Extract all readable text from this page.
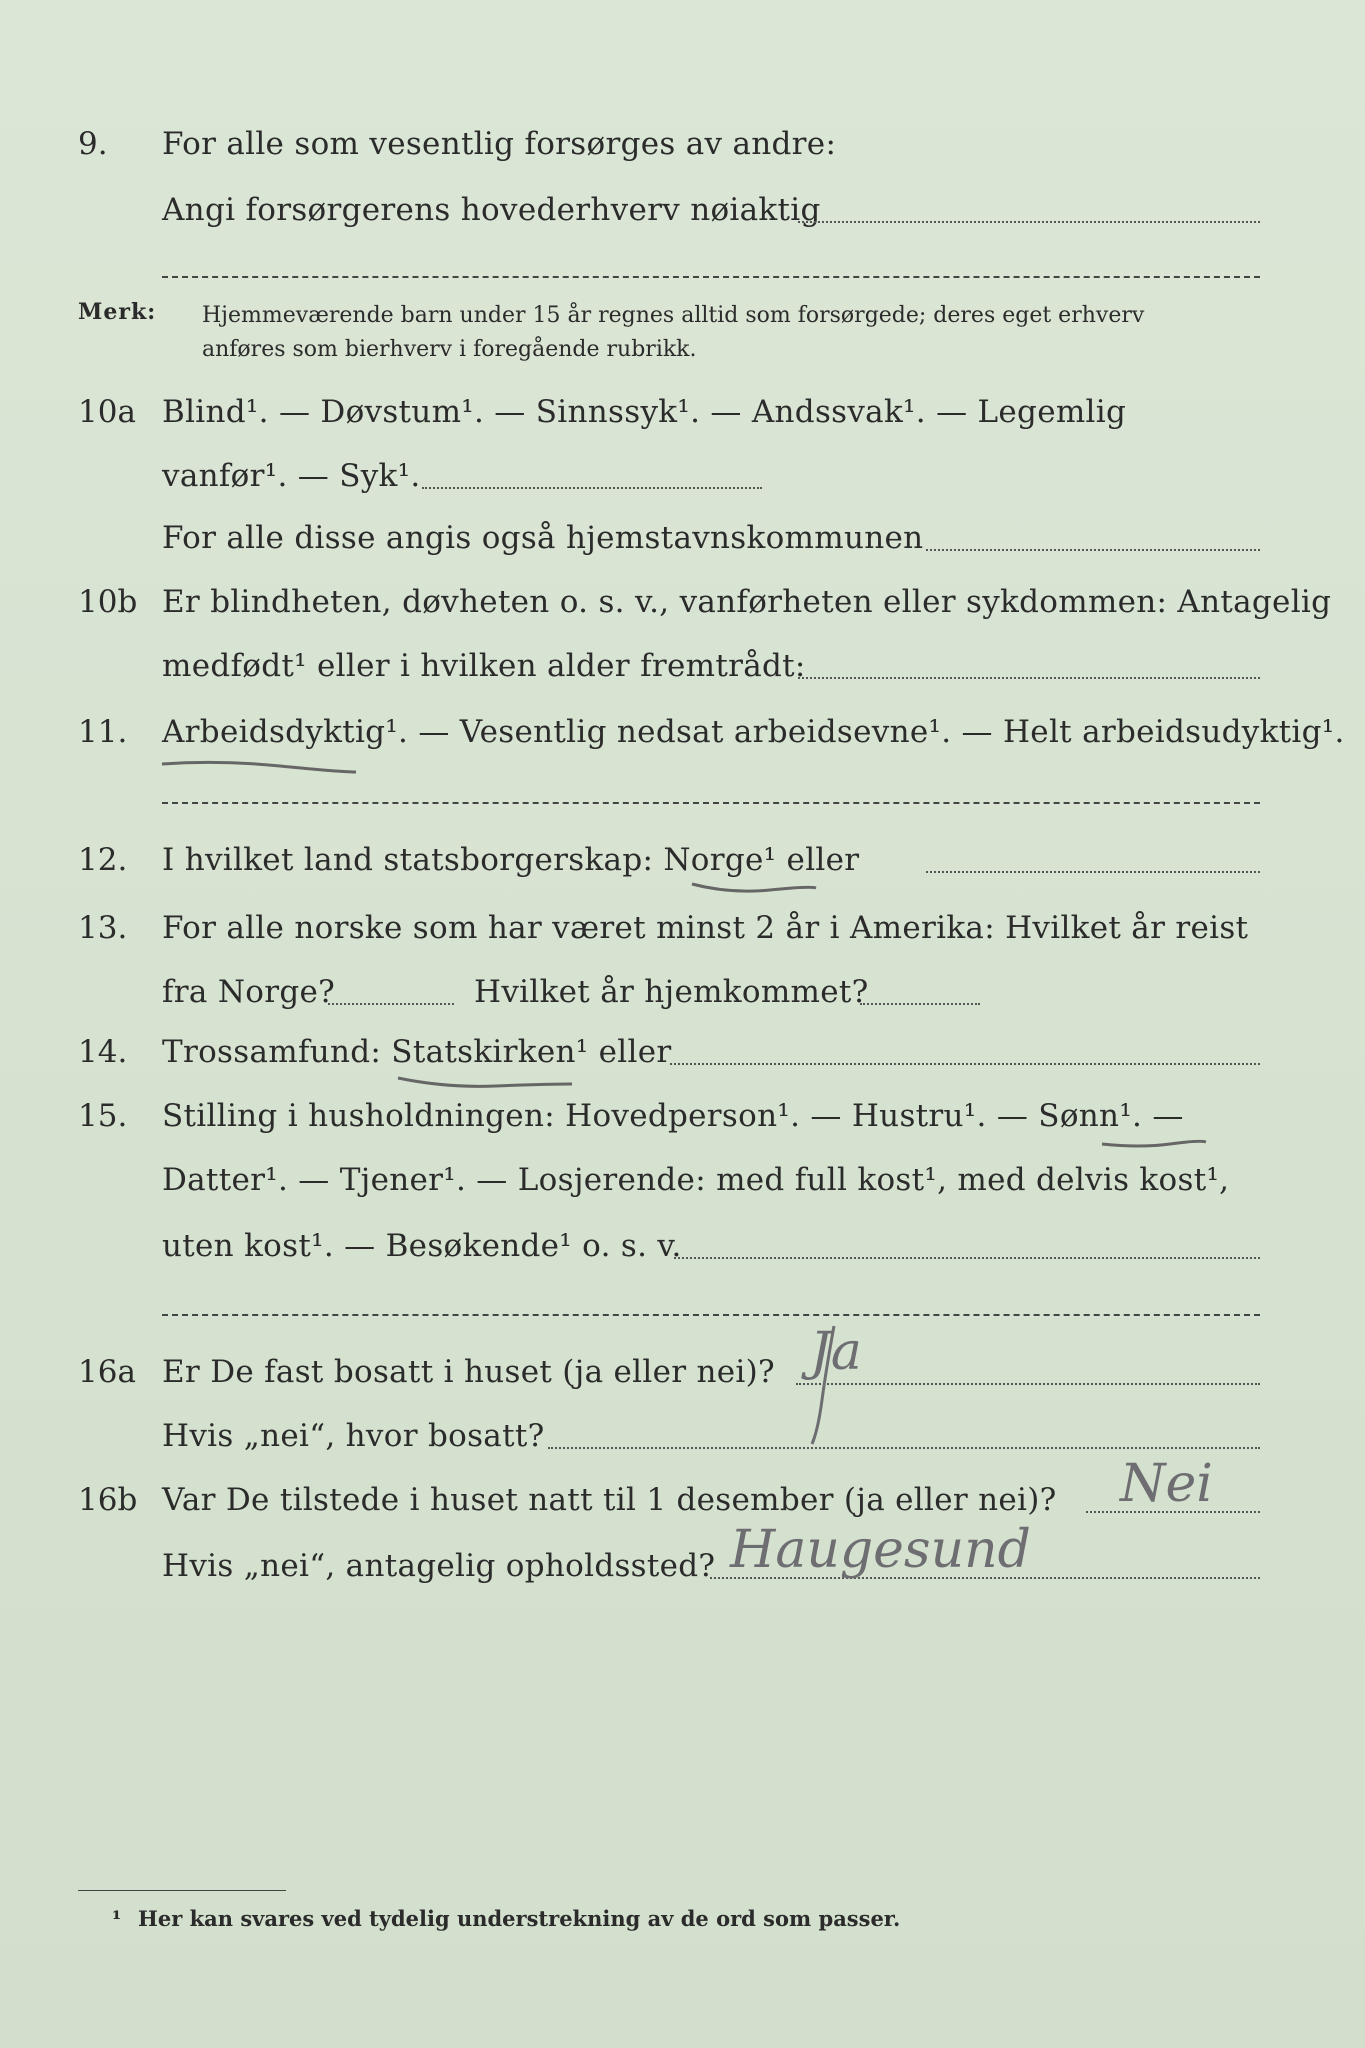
9. For alle som vesentlig forsørges av andre:
Angi forsørgerens hovederhverv nøiaktig
Merk: Hjemmeværende barn under 15 år regnes alltid som forsørgede; deres eget erhverv
anføres som bierhverv i foregående rubrikk.
10a Blind¹. — Døvstum¹. — Sinnssyk¹. — Andssvak¹. — Legemlig
vanfør¹. — Syk¹.
For alle disse angis også hjemstavnskommunen
10b Er blindheten, døvheten o. s. v., vanførheten eller sykdommen: Antagelig
medfødt¹ eller i hvilken alder fremtrådt:
11. Arbeidsdyktig¹. — Vesentlig nedsat arbeidsevne¹. — Helt arbeidsudyktig¹.
12. I hvilket land statsborgerskap: Norge¹ eller
13. For alle norske som har været minst 2 år i Amerika: Hvilket år reist
fra Norge?	Hvilket år hjemkommet?
14. Trossamfund: Statskirken¹ eller
15. Stilling i husholdningen: Hovedperson¹. — Hustru¹. — Sønn¹. —
Datter¹. — Tjener¹. — Losjerende: med full kost¹, med delvis kost¹,
uten kost¹. — Besøkende¹ o. s. v.
16a Er De fast bosatt i huset (ja eller nei)? Ja
Hvis „nei“, hvor bosatt?
16b Var De tilstede i huset natt til 1 desember (ja eller nei)? Nei
Hvis „nei“, antagelig opholdssted? Haugesund
¹ Her kan svares ved tydelig understrekning av de ord som passer.
